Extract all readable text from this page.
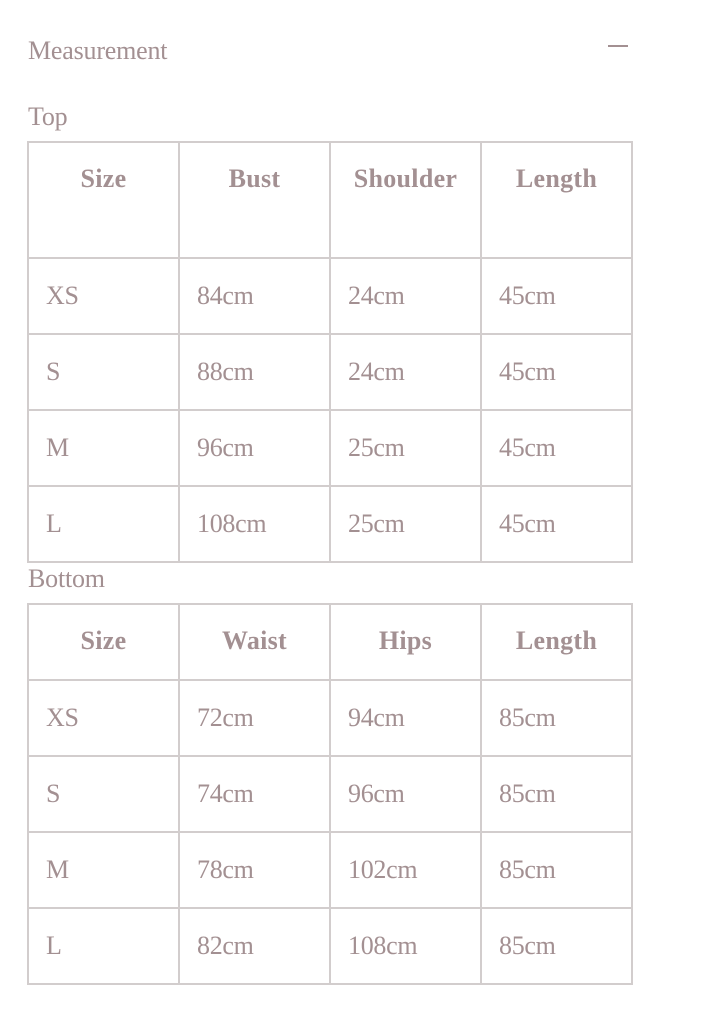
Measurement
Top
Size	Bust	Shoulder	Length
XS	84cm	24cm	45cm
S	88cm	24cm	45cm
M	96cm	25cm	45cm
L	108cm	25cm	45cm
Bottom
Size	Waist	Hips	Length
XS	72cm	94cm	85cm
S	74cm	96cm	85cm
M	78cm	102cm	85cm
L	82cm	108cm	85cm
